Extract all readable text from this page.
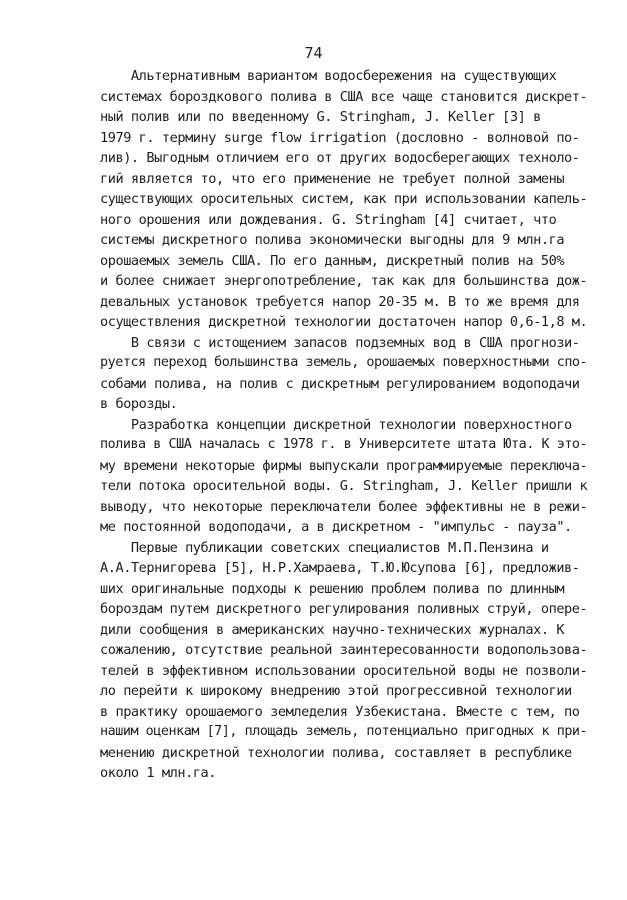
74
Альтернативным вариантом водосбережения на существующих
системах бороздкового полива в США все чаще становится дискрет-
ный полив или по введенному G. Stringham, J. Keller [3] в
1979 г. термину surge flow irrigation (дословно - волновой по-
лив). Выгодным отличием его от других водосберегающих техноло-
гий является то, что его применение не требует полной замены
существующих оросительных систем, как при использовании капель-
ного орошения или дождевания. G. Stringham [4] считает, что
системы дискретного полива экономически выгодны для 9 млн.га
орошаемых земель США. По его данным, дискретный полив на 50%
и более снижает энергопотребление, так как для большинства дож-
девальных установок требуется напор 20-35 м. В то же время для
осуществления дискретной технологии достаточен напор 0,6-1,8 м.
В связи с истощением запасов подземных вод в США прогнози-
руется переход большинства земель, орошаемых поверхностными спо-
собами полива, на полив с дискретным регулированием водоподачи
в борозды.
Разработка концепции дискретной технологии поверхностного
полива в США началась с 1978 г. в Университете штата Юта. К это-
му времени некоторые фирмы выпускали программируемые переключа-
тели потока оросительной воды. G. Stringham, J. Keller пришли к
выводу, что некоторые переключатели более эффективны не в режи-
ме постоянной водоподачи, а в дискретном - "импульс - пауза".
Первые публикации советских специалистов М.П.Пензина и
А.А.Тернигорева [5], Н.Р.Хамраева, Т.Ю.Юсупова [6], предложив-
ших оригинальные подходы к решению проблем полива по длинным
бороздам путем дискретного регулирования поливных струй, опере-
дили сообщения в американских научно-технических журналах. К
сожалению, отсутствие реальной заинтересованности водопользова-
телей в эффективном использовании оросительной воды не позволи-
ло перейти к широкому внедрению этой прогрессивной технологии
в практику орошаемого земледелия Узбекистана. Вместе с тем, по
нашим оценкам [7], площадь земель, потенциально пригодных к при-
менению дискретной технологии полива, составляет в республике
около 1 млн.га.
